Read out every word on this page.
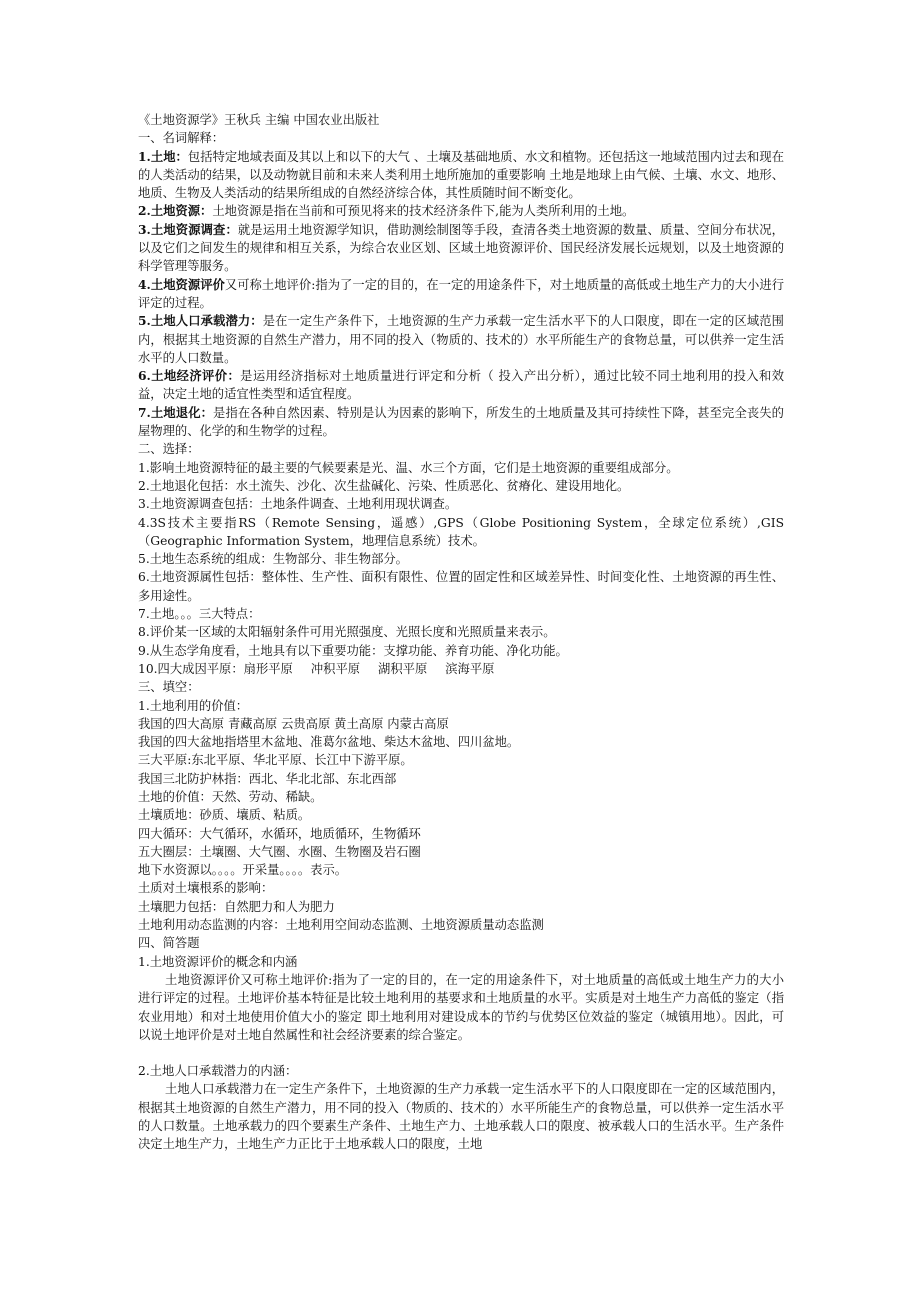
《土地资源学》王秋兵 主编 中国农业出版社

一、名词解释：

1.土地：包括特定地域表面及其以上和以下的大气 、土壤及基础地质、水文和植物。还包括这一地域范围内过去和现在的人类活动的结果，以及动物就目前和未来人类利用土地所施加的重要影响 土地是地球上由气候、土壤、水文、地形、地质、生物及人类活动的结果所组成的自然经济综合体，其性质随时间不断变化。

2.土地资源：土地资源是指在当前和可预见将来的技术经济条件下,能为人类所利用的土地。

3.土地资源调查：就是运用土地资源学知识，借助测绘制图等手段，查清各类土地资源的数量、质量、空间分布状况，以及它们之间发生的规律和相互关系，为综合农业区划、区域土地资源评价、国民经济发展长远规划，以及土地资源的科学管理等服务。

4.土地资源评价又可称土地评价:指为了一定的目的，在一定的用途条件下，对土地质量的高低或土地生产力的大小进行评定的过程。

5.土地人口承载潜力：是在一定生产条件下，土地资源的生产力承载一定生活水平下的人口限度，即在一定的区域范围内，根据其土地资源的自然生产潜力，用不同的投入（物质的、技术的）水平所能生产的食物总量，可以供养一定生活水平的人口数量。

6.土地经济评价：是运用经济指标对土地质量进行评定和分析（ 投入产出分析），通过比较不同土地利用的投入和效益，决定土地的适宜性类型和适宜程度。

7.土地退化：是指在各种自然因素、特别是认为因素的影响下，所发生的土地质量及其可持续性下降，甚至完全丧失的屋物理的、化学的和生物学的过程。

二、选择：

1.影响土地资源特征的最主要的气候要素是光、温、水三个方面，它们是土地资源的重要组成部分。

2.土地退化包括：水土流失、沙化、次生盐碱化、污染、性质恶化、贫瘠化、建设用地化。

3.土地资源调查包括：土地条件调查、土地利用现状调查。

4.3S技术主要指RS（Remote Sensing，遥感）,GPS（Globe Positioning System，全球定位系统）,GIS（Geographic Information System，地理信息系统）技术。

5.土地生态系统的组成：生物部分、非生物部分。

6.土地资源属性包括：整体性、生产性、面积有限性、位置的固定性和区域差异性、时间变化性、土地资源的再生性、多用途性。

7.土地。。。三大特点：

8.评价某一区域的太阳辐射条件可用光照强度、光照长度和光照质量来表示。

9.从生态学角度看，土地具有以下重要功能：支撑功能、养育功能、净化功能。

10.四大成因平原：扇形平原 冲积平原 湖积平原 滨海平原

三、填空：

1.土地利用的价值：

我国的四大高原 青藏高原 云贵高原 黄土高原 内蒙古高原

我国的四大盆地指塔里木盆地、准葛尔盆地、柴达木盆地、四川盆地。

三大平原:东北平原、华北平原、长江中下游平原。

我国三北防护林指：西北、华北北部、东北西部

土地的价值：天然、劳动、稀缺。

土壤质地：砂质、壤质、粘质。

四大循环：大气循环，水循环，地质循环，生物循环

五大圈层：土壤圈、大气圈、水圈、生物圈及岩石圈

地下水资源以。。。。开采量。。。。表示。

土质对土壤根系的影响：

土壤肥力包括：自然肥力和人为肥力

土地利用动态监测的内容：土地利用空间动态监测、土地资源质量动态监测

四、简答题

1.土地资源评价的概念和内涵

土地资源评价又可称土地评价:指为了一定的目的，在一定的用途条件下，对土地质量的高低或土地生产力的大小进行评定的过程。土地评价基本特征是比较土地利用的基要求和土地质量的水平。实质是对土地生产力高低的鉴定（指农业用地）和对土地使用价值大小的鉴定 即土地利用对建设成本的节约与优势区位效益的鉴定（城镇用地）。因此，可以说土地评价是对土地自然属性和社会经济要素的综合鉴定。

2.土地人口承载潜力的内涵：

土地人口承载潜力在一定生产条件下，土地资源的生产力承载一定生活水平下的人口限度即在一定的区域范围内，根据其土地资源的自然生产潜力，用不同的投入（物质的、技术的）水平所能生产的食物总量，可以供养一定生活水平的人口数量。土地承载力的四个要素生产条件、土地生产力、土地承载人口的限度、被承载人口的生活水平。生产条件决定土地生产力，土地生产力正比于土地承载人口的限度，土地
